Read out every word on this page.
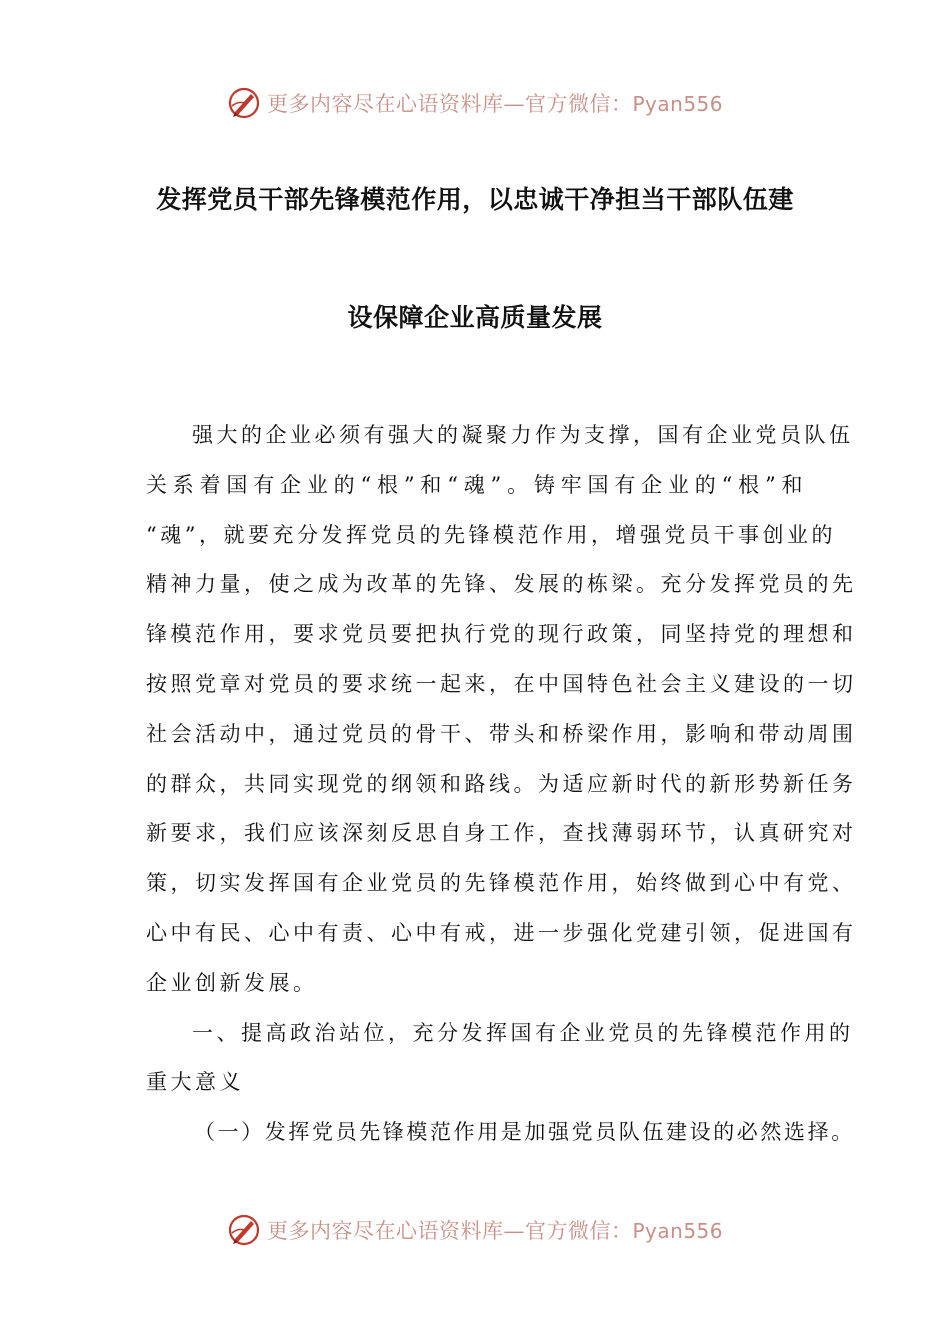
更多内容尽在心语资料库—官方微信：Pyan556
发挥党员干部先锋模范作用，以忠诚干净担当干部队伍建
设保障企业高质量发展
强大的企业必须有强大的凝聚力作为支撑，国有企业党员队伍
关系着国有企业的“根”和“魂”。铸牢国有企业的“根”和
“魂”，就要充分发挥党员的先锋模范作用，增强党员干事创业的
精神力量，使之成为改革的先锋、发展的栋梁。充分发挥党员的先
锋模范作用，要求党员要把执行党的现行政策，同坚持党的理想和
按照党章对党员的要求统一起来，在中国特色社会主义建设的一切
社会活动中，通过党员的骨干、带头和桥梁作用，影响和带动周围
的群众，共同实现党的纲领和路线。为适应新时代的新形势新任务
新要求，我们应该深刻反思自身工作，查找薄弱环节，认真研究对
策，切实发挥国有企业党员的先锋模范作用，始终做到心中有党、
心中有民、心中有责、心中有戒，进一步强化党建引领，促进国有
企业创新发展。
一、提高政治站位，充分发挥国有企业党员的先锋模范作用的
重大意义
（一）发挥党员先锋模范作用是加强党员队伍建设的必然选择。
更多内容尽在心语资料库—官方微信：Pyan556
